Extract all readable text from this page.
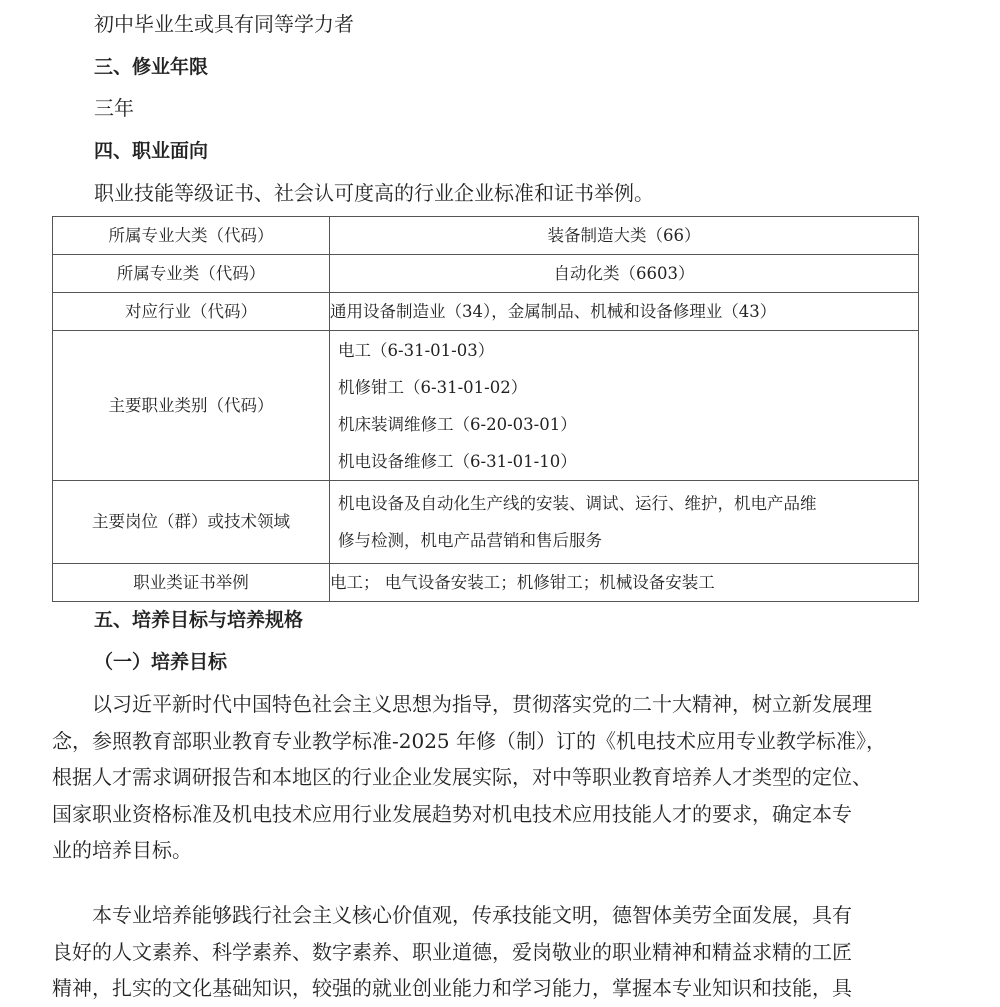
初中毕业生或具有同等学力者
三、修业年限
三年
四、职业面向
职业技能等级证书、社会认可度高的行业企业标准和证书举例。
所属专业大类（代码）	装备制造大类（66）
所属专业类（代码）	自动化类（6603）
对应行业（代码）	通用设备制造业（34），金属制品、机械和设备修理业（43）
主要职业类别（代码）	电工（6-31-01-03）
机修钳工（6-31-01-02）
机床装调维修工（6-20-03-01）
机电设备维修工（6-31-01-10）

主要岗位（群）或技术领域	机电设备及自动化生产线的安装、调试、运行、维护，机电产品维
修与检测，机电产品营销和售后服务

职业类证书举例	电工； 电气设备安装工；机修钳工；机械设备安装工
五、培养目标与培养规格
（一）培养目标
以习近平新时代中国特色社会主义思想为指导，贯彻落实党的二十大精神，树立新发展理
念，参照教育部职业教育专业教学标准-2025 年修（制）订的《机电技术应用专业教学标准》，
根据人才需求调研报告和本地区的行业企业发展实际，对中等职业教育培养人才类型的定位、
国家职业资格标准及机电技术应用行业发展趋势对机电技术应用技能人才的要求，确定本专
业的培养目标。
本专业培养能够践行社会主义核心价值观，传承技能文明，德智体美劳全面发展，具有
良好的人文素养、科学素养、数字素养、职业道德，爱岗敬业的职业精神和精益求精的工匠
精神，扎实的文化基础知识，较强的就业创业能力和学习能力，掌握本专业知识和技能，具
